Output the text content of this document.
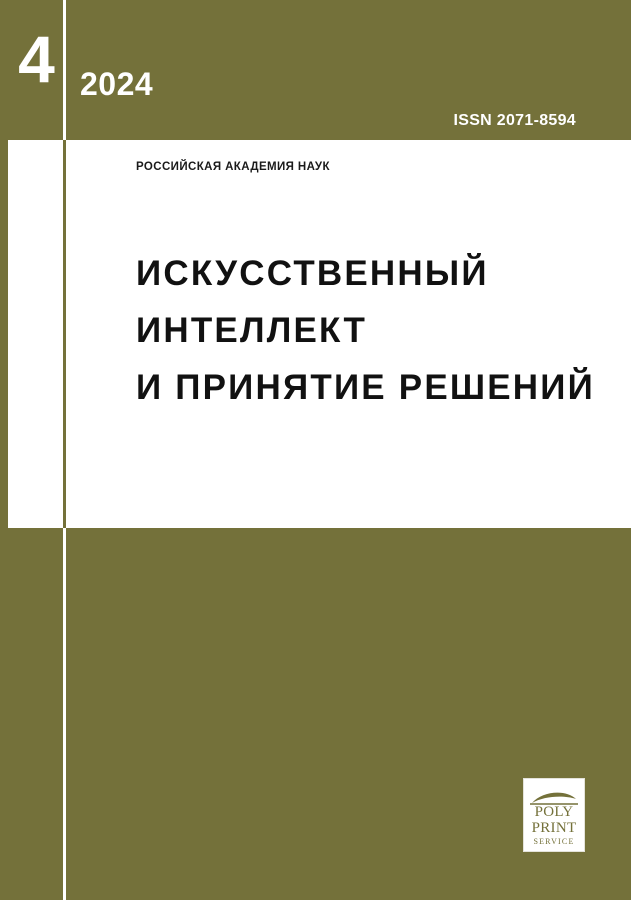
4 2024
ISSN 2071-8594
РОССИЙСКАЯ АКАДЕМИЯ НАУК
ИСКУССТВЕННЫЙ
ИНТЕЛЛЕКТ
И ПРИНЯТИЕ РЕШЕНИЙ
POLY
PRINT
SERVICE
